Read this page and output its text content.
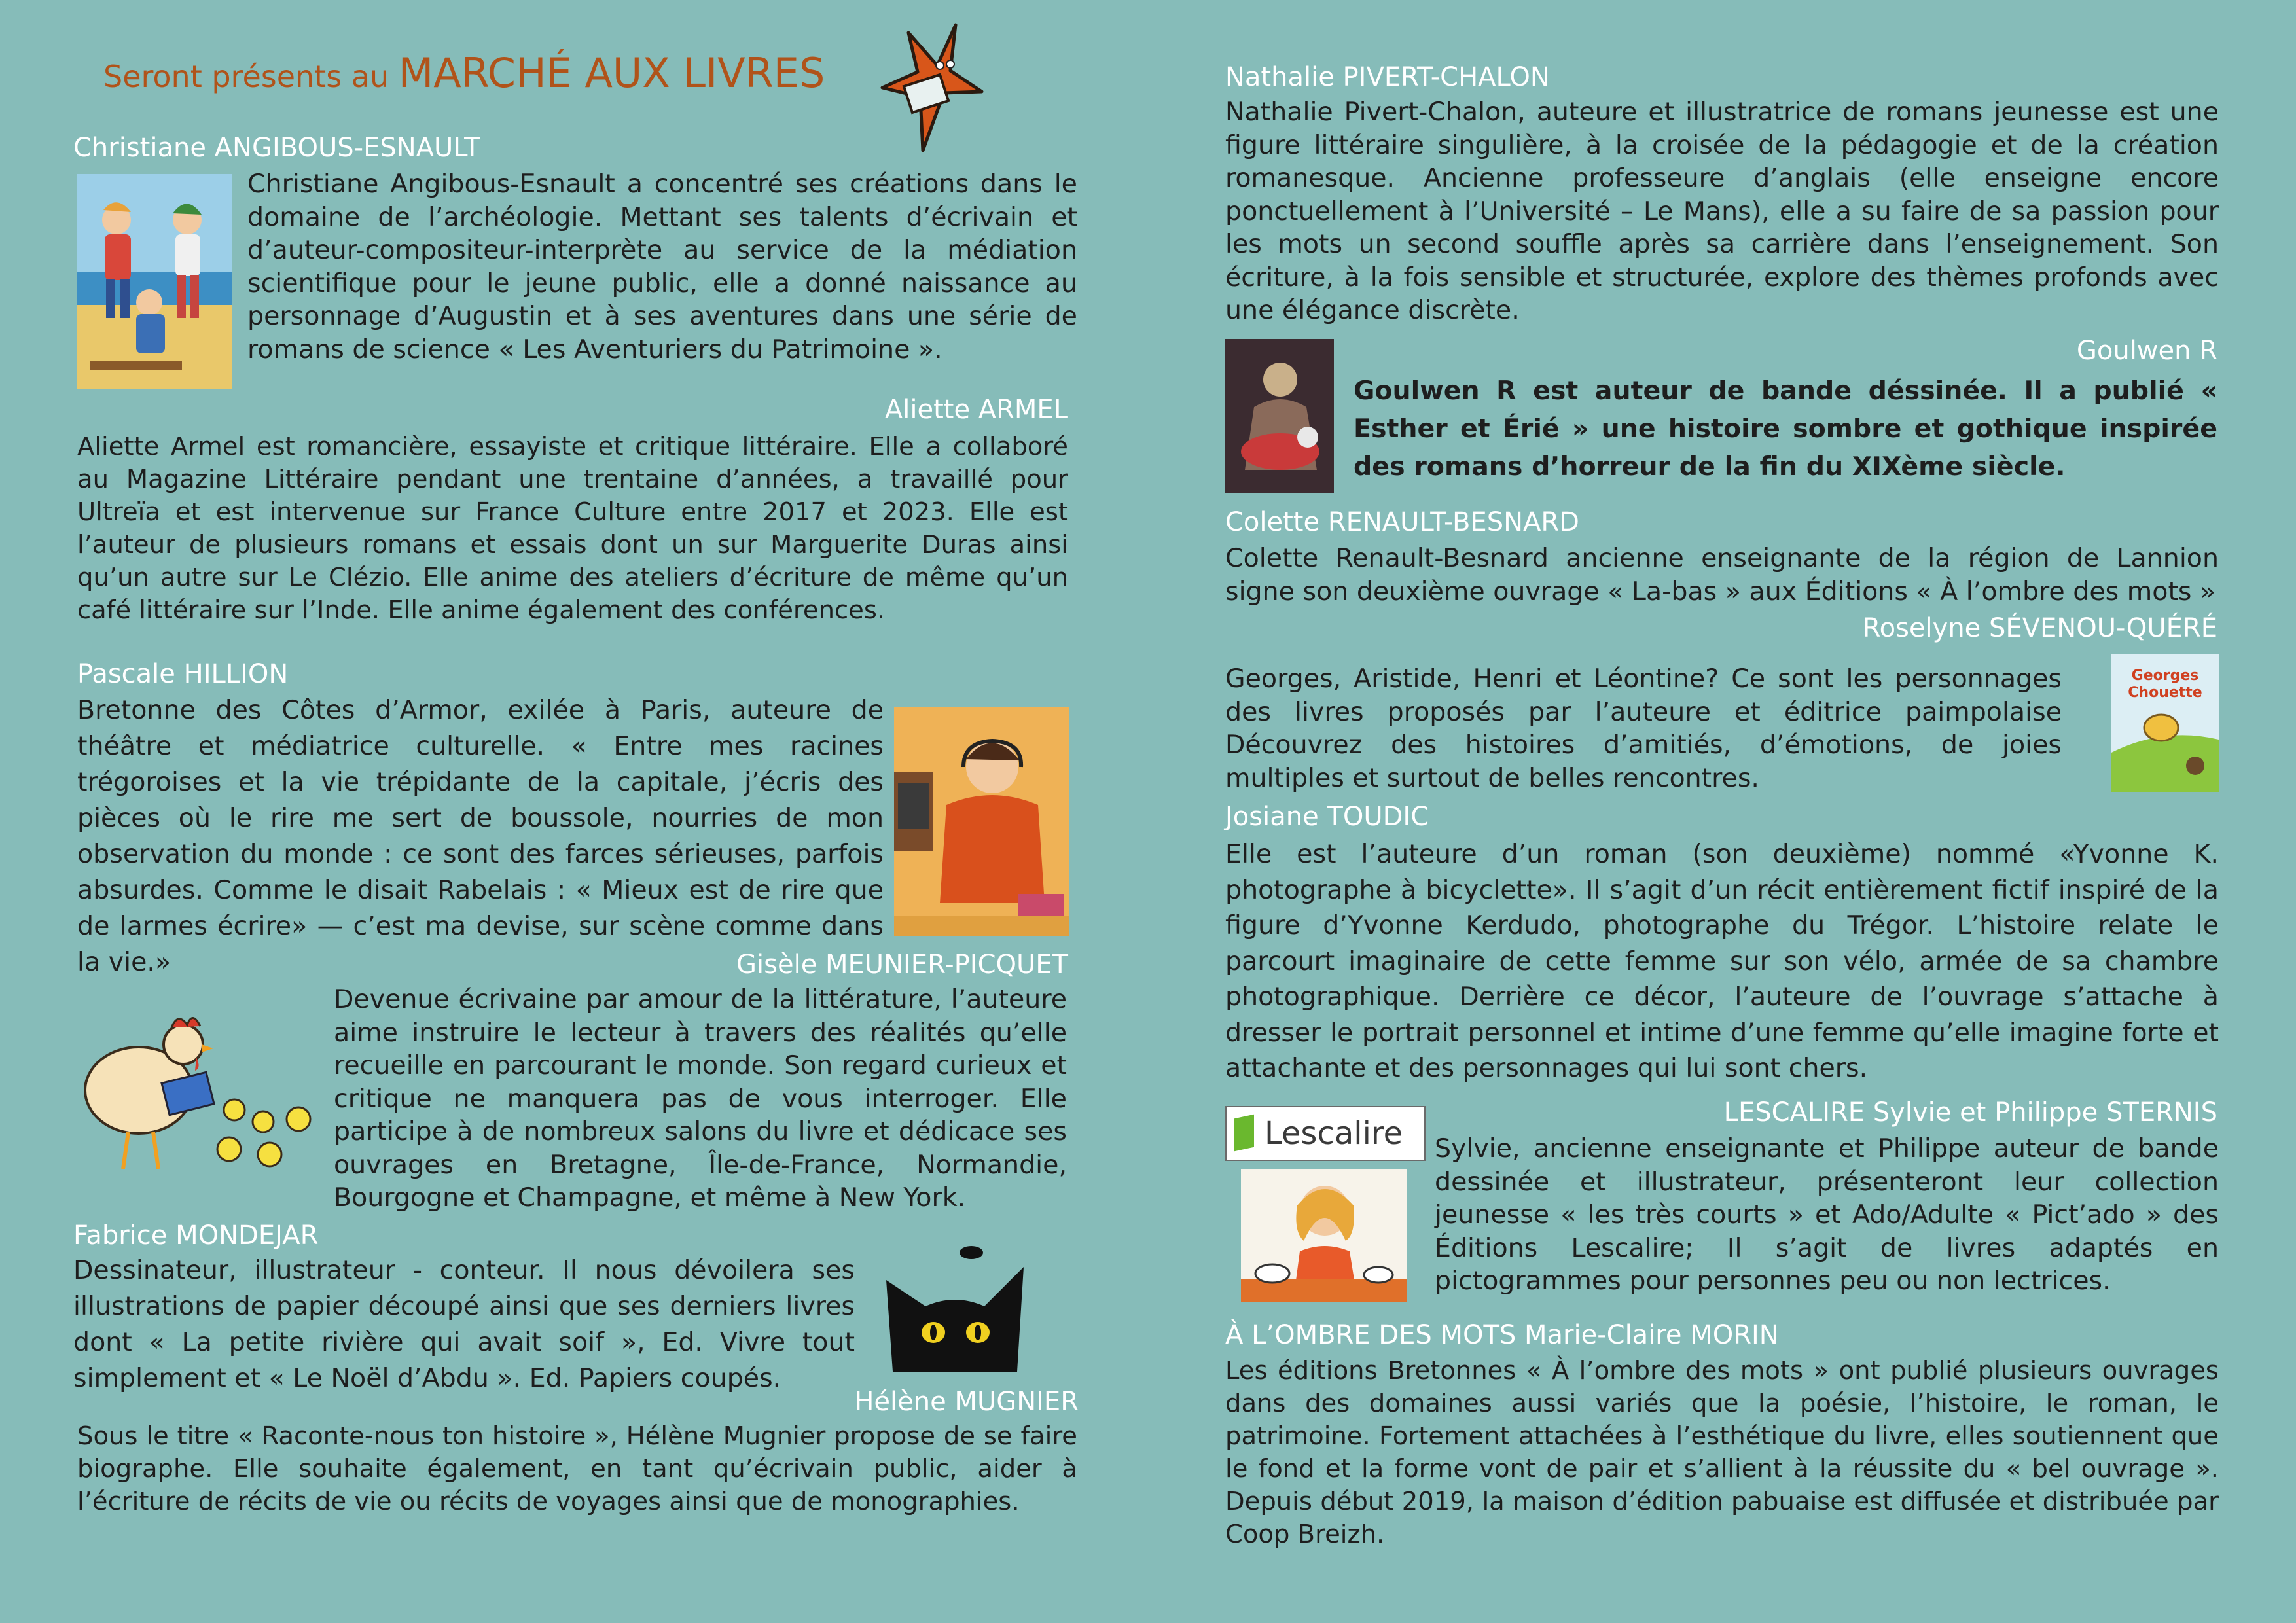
Seront présents au MARCHÉ AUX LIVRES
Christiane ANGIBOUS-ESNAULT

Christiane Angibous-Esnault a concentré ses créations dans le domaine de l’archéologie. Mettant ses talents d’écrivain et d’auteur-compositeur-interprète au service de la médiation scientifique pour le jeune public, elle a donné naissance au personnage d’Augustin et à ses aventures dans une série de romans de science « Les Aventuriers du Patrimoine ».

Aliette ARMEL

Aliette Armel est romancière, essayiste et critique littéraire. Elle a collaboré au Magazine Littéraire pendant une trentaine d’années, a travaillé pour Ultreïa et est intervenue sur France Culture entre 2017 et 2023. Elle est l’auteur de plusieurs romans et essais dont un sur Marguerite Duras ainsi qu’un autre sur Le Clézio. Elle anime des ateliers d’écriture de même qu’un café littéraire sur l’Inde. Elle anime également des conférences.

Pascale HILLION

Bretonne des Côtes d’Armor, exilée à Paris, auteure de théâtre et médiatrice culturelle. « Entre mes racines trégoroises et la vie trépidante de la capitale, j’écris des pièces où le rire me sert de boussole, nourries de mon observation du monde : ce sont des farces sérieuses, parfois absurdes. Comme le disait Rabelais : « Mieux est de rire que de larmes écrire» — c’est ma devise, sur scène comme dans la vie.»	Gisèle MEUNIER-PICQUET

Devenue écrivaine par amour de la littérature, l’auteure aime instruire le lecteur à travers des réalités qu’elle recueille en parcourant le monde. Son regard curieux et critique ne manquera pas de vous interroger. Elle participe à de nombreux salons du livre et dédicace ses ouvrages en Bretagne, Île-de-France, Normandie, Bourgogne et Champagne, et même à New York.

Fabrice MONDEJAR

Dessinateur, illustrateur - conteur. Il nous dévoilera ses illustrations de papier découpé ainsi que ses derniers livres dont « La petite rivière qui avait soif », Ed. Vivre tout simplement et « Le Noël d’Abdu ». Ed. Papiers coupés.

Hélène MUGNIER

Sous le titre « Raconte-nous ton histoire », Hélène Mugnier propose de se faire biographe. Elle souhaite également, en tant qu’écrivain public, aider à l’écriture de récits de vie ou récits de voyages ainsi que de monographies.

Nathalie PIVERT-CHALON

Nathalie Pivert-Chalon, auteure et illustratrice de romans jeunesse est une figure littéraire singulière, à la croisée de la pédagogie et de la création romanesque. Ancienne professeure d’anglais (elle enseigne encore ponctuellement à l’Université – Le Mans), elle a su faire de sa passion pour les mots un second souffle après sa carrière dans l’enseignement. Son écriture, à la fois sensible et structurée, explore des thèmes profonds avec une élégance discrète.

Goulwen R

Goulwen R est auteur de bande déssinée. Il a publié « Esther et Érié » une histoire sombre et gothique inspirée des romans d’horreur de la fin du XIXème siècle.

Colette RENAULT-BESNARD

Colette Renault-Besnard ancienne enseignante de la région de Lannion signe son deuxième ouvrage « La-bas » aux Éditions « À l’ombre des mots »

Roselyne SÉVENOU-QUÉRÉ

Georges, Aristide, Henri et Léontine? Ce sont les personnages des livres proposés par l’auteure et éditrice paimpolaise Découvrez des histoires d’amitiés, d’émotions, de joies multiples et surtout de belles rencontres.

Georges Chouette
Josiane TOUDIC

Elle est l’auteure d’un roman (son deuxième) nommé «Yvonne K. photographe à bicyclette». Il s’agit d’un récit entièrement fictif inspiré de la figure d’Yvonne Kerdudo, photographe du Trégor. L’histoire relate le parcourt imaginaire de cette femme sur son vélo, armée de sa chambre photographique. Derrière ce décor, l’auteure de l’ouvrage s’attache à dresser le portrait personnel et intime d’une femme qu’elle imagine forte et attachante et des personnages qui lui sont chers.

LESCALIRE Sylvie et Philippe STERNIS
Lescalire Sylvie, ancienne enseignante et Philippe auteur de bande dessinée et illustrateur, présenteront leur collection jeunesse « les très courts » et Ado/Adulte « Pict’ado » des Éditions Lescalire; Il s’agit de livres adaptés en pictogrammes pour personnes peu ou non lectrices.

À L’OMBRE DES MOTS Marie-Claire MORIN

Les éditions Bretonnes « À l’ombre des mots » ont publié plusieurs ouvrages dans des domaines aussi variés que la poésie, l’histoire, le roman, le patrimoine. Fortement attachées à l’esthétique du livre, elles soutiennent que le fond et la forme vont de pair et s’allient à la réussite du « bel ouvrage ». Depuis début 2019, la maison d’édition pabuaise est diffusée et distribuée par Coop Breizh.
